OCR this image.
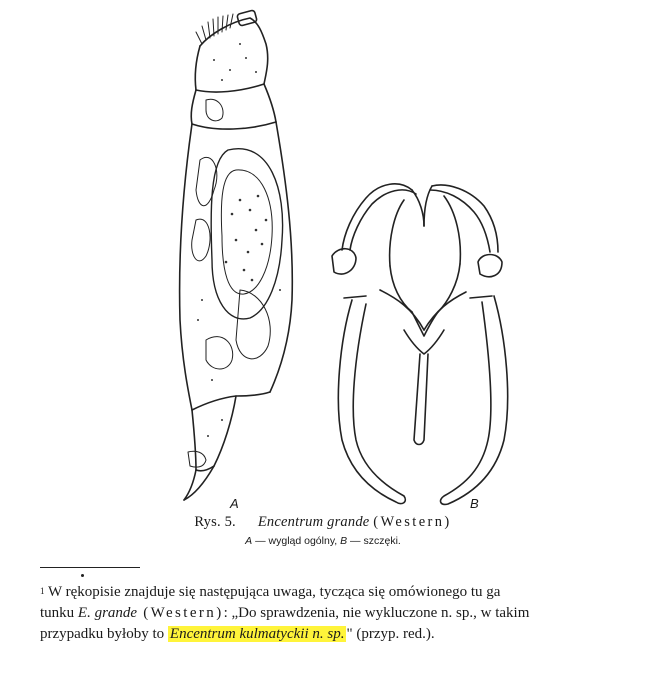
A	B
Rys. 5. Encentrum grande (Western)
A — wygląd ogólny, B — szczęki.

$^1$ W rękopisie znajduje się następująca uwaga, tycząca się omówionego tu ga

tunku E. grande (Western): „Do sprawdzenia, nie wykluczone n. sp., w takim

przypadku byłoby to Encentrum kulmatyckii n. sp. " (przyp. red.).
